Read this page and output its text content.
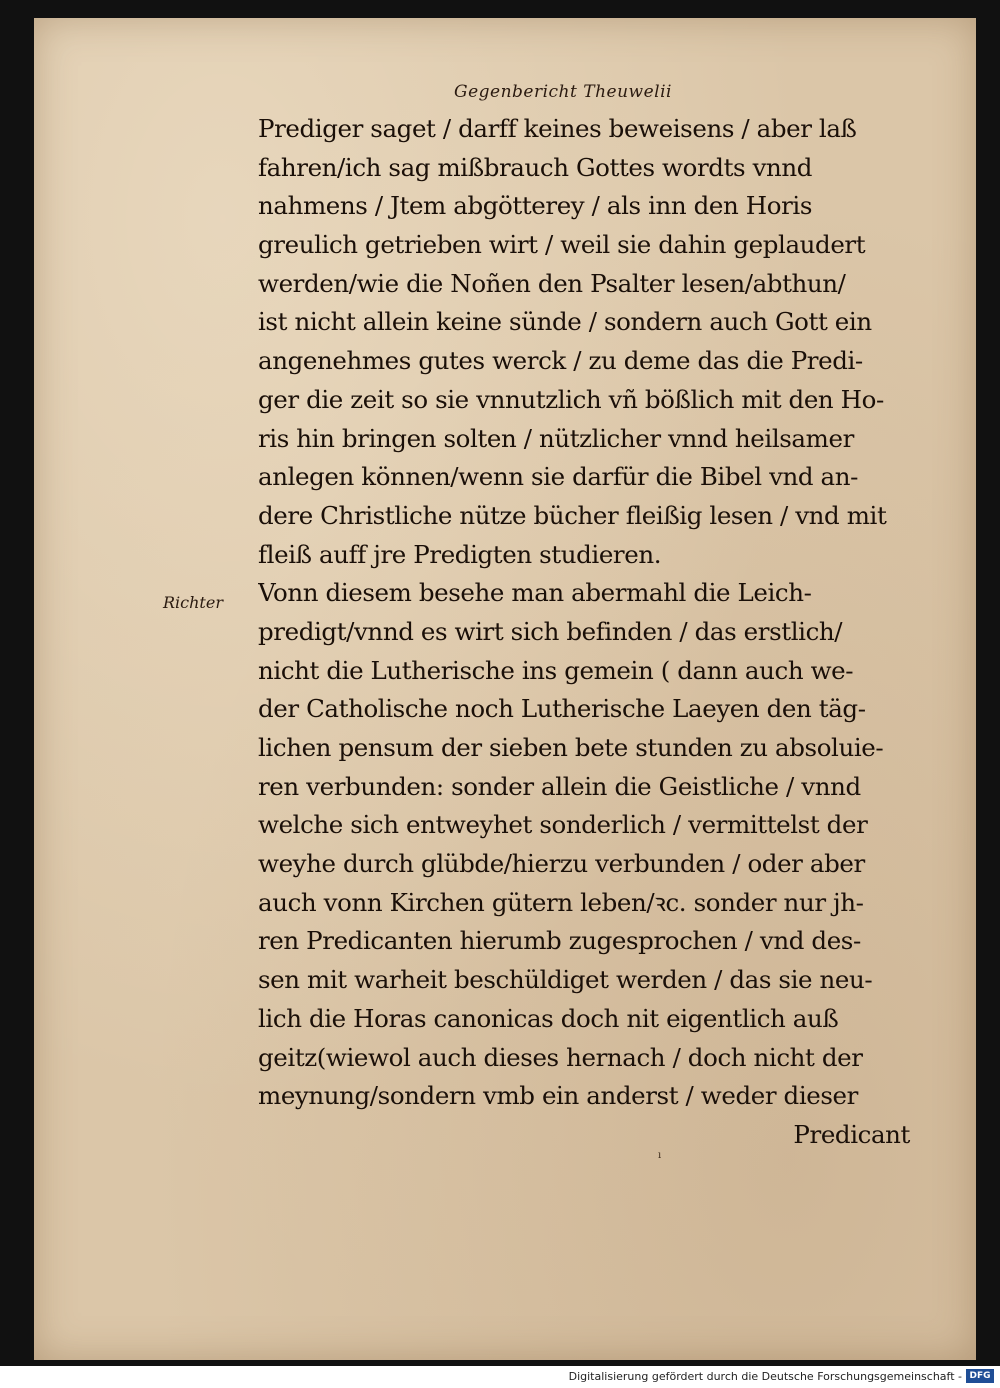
Gegenbericht Theuwelii
Richter
Prediger saget / darff keines beweisens / aber laß
fahren/ich sag mißbrauch Gottes wordts vnnd
nahmens / Jtem abgötterey / als inn den Horis
greulich getrieben wirt / weil sie dahin geplaudert
werden/wie die Noñen den Psalter lesen/abthun/
ist nicht allein keine sünde / sondern auch Gott ein
angenehmes gutes werck / zu deme das die Predi-
ger die zeit so sie vnnutzlich vñ bößlich mit den Ho-
ris hin bringen solten / nützlicher vnnd heilsamer
anlegen können/wenn sie darfür die Bibel vnd an-
dere Christliche nütze bücher fleißig lesen / vnd mit
fleiß auff jre Predigten studieren.
Vonn diesem besehe man abermahl die Leich-
predigt/vnnd es wirt sich befinden / das erstlich/
nicht die Lutherische ins gemein ( dann auch we-
der Catholische noch Lutherische Laeyen den täg-
lichen pensum der sieben bete stunden zu absoluie-
ren verbunden: sonder allein die Geistliche / vnnd
welche sich entweyhet sonderlich / vermittelst der
weyhe durch glübde/hierzu verbunden / oder aber
auch vonn Kirchen gütern leben/ꝛc. sonder nur jh-
ren Predicanten hierumb zugesprochen / vnd des-
sen mit warheit beschüldiget werden / das sie neu-
lich die Horas canonicas doch nit eigentlich auß
geitz(wiewol auch dieses hernach / doch nicht der
meynung/sondern vmb ein anderst / weder dieser
Predicant
ı
Digitalisierung gefördert durch die Deutsche Forschungsgemeinschaft - DFG
